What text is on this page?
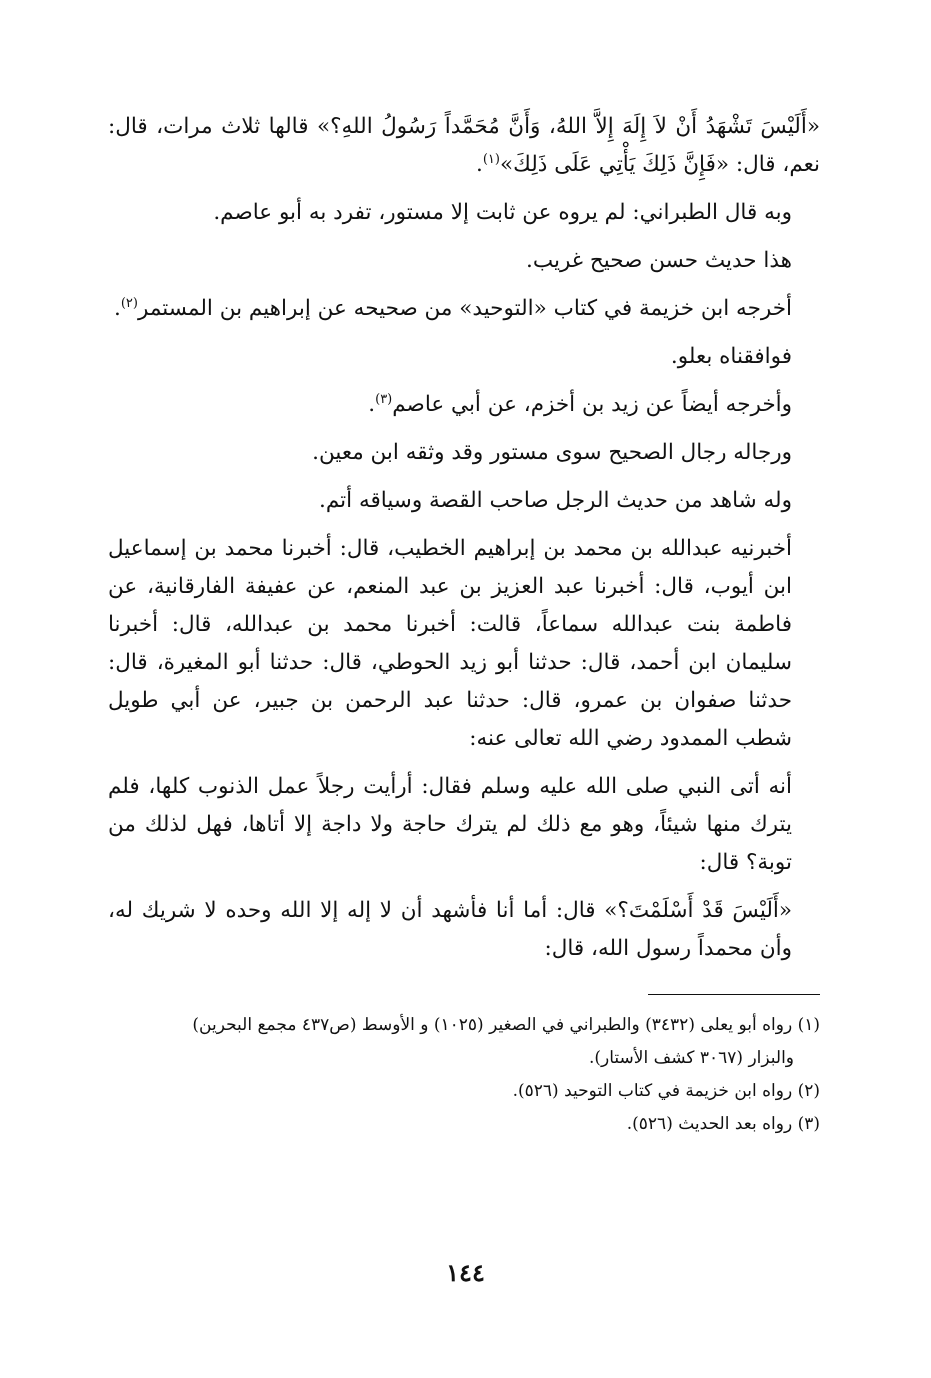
«أَلَيْسَ تَشْهَدُ أَنْ لاَ إِلَهَ إِلاَّ اللهُ، وَأَنَّ مُحَمَّداً رَسُولُ اللهِ؟» قالها ثلاث مرات، قال: نعم، قال: «فَإِنَّ ذَلِكَ يَأْتِي عَلَى ذَلِكَ»$^{(١)}$.

وبه قال الطبراني: لم يروه عن ثابت إلا مستور، تفرد به أبو عاصم.

هذا حديث حسن صحيح غريب.

أخرجه ابن خزيمة في كتاب «التوحيد» من صحيحه عن إبراهيم بن المستمر$^{(٢)}$.

فوافقناه بعلو.

وأخرجه أيضاً عن زيد بن أخزم، عن أبي عاصم$^{(٣)}$.

ورجاله رجال الصحيح سوى مستور وقد وثقه ابن معين.

وله شاهد من حديث الرجل صاحب القصة وسياقه أتم.

أخبرنيه عبدالله بن محمد بن إبراهيم الخطيب، قال: أخبرنا محمد بن إسماعيل ابن أيوب، قال: أخبرنا عبد العزيز بن عبد المنعم، عن عفيفة الفارقانية، عن فاطمة بنت عبدالله سماعاً، قالت: أخبرنا محمد بن عبدالله، قال: أخبرنا سليمان ابن أحمد، قال: حدثنا أبو زيد الحوطي، قال: حدثنا أبو المغيرة، قال: حدثنا صفوان بن عمرو، قال: حدثنا عبد الرحمن بن جبير، عن أبي طويل شطب الممدود رضي الله تعالى عنه:

أنه أتى النبي صلى الله عليه وسلم فقال: أرأيت رجلاً عمل الذنوب كلها، فلم يترك منها شيئاً، وهو مع ذلك لم يترك حاجة ولا داجة إلا أتاها، فهل لذلك من توبة؟ قال:

«أَلَيْسَ قَدْ أَسْلَمْتَ؟» قال: أما أنا فأشهد أن لا إله إلا الله وحده لا شريك له، وأن محمداً رسول الله، قال:

(١) رواه أبو يعلى (٣٤٣٢) والطبراني في الصغير (١٠٢٥) و الأوسط (ص٤٣٧ مجمع البحرين)

والبزار (٣٠٦٧ كشف الأستار).

(٢) رواه ابن خزيمة في كتاب التوحيد (٥٢٦).

(٣) رواه بعد الحديث (٥٢٦).

١٤٤
